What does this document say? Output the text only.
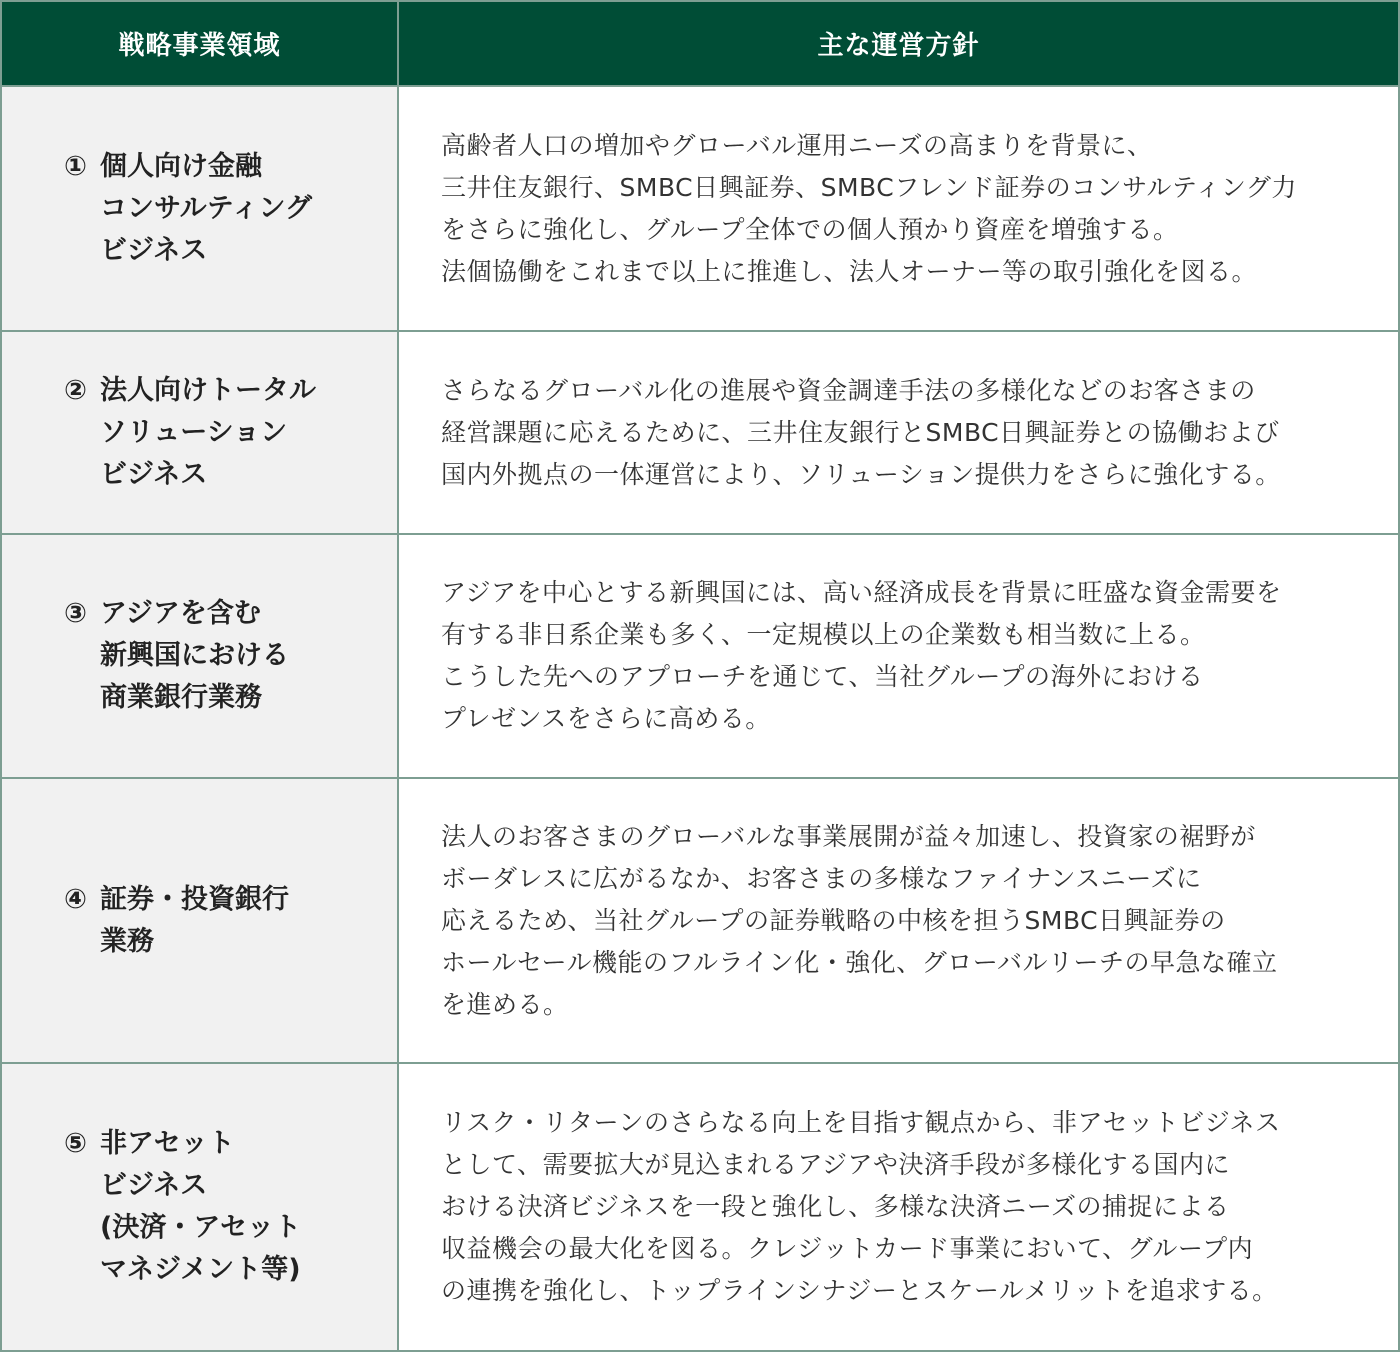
戦略事業領域	主な運営方針
① 個人向け金融
コンサルティング
ビジネス
高齢者人口の増加やグローバル運用ニーズの高まりを背景に、
三井住友銀行、SMBC日興証券、SMBCフレンド証券のコンサルティング力
をさらに強化し、グループ全体での個人預かり資産を増強する。
法個協働をこれまで以上に推進し、法人オーナー等の取引強化を図る。
② 法人向けトータル
ソリューション
ビジネス
さらなるグローバル化の進展や資金調達手法の多様化などのお客さまの
経営課題に応えるために、三井住友銀行とSMBC日興証券との協働および
国内外拠点の一体運営により、ソリューション提供力をさらに強化する。
③ アジアを含む
新興国における
商業銀行業務
アジアを中心とする新興国には、高い経済成長を背景に旺盛な資金需要を
有する非日系企業も多く、一定規模以上の企業数も相当数に上る。
こうした先へのアプローチを通じて、当社グループの海外における
プレゼンスをさらに高める。
④ 証券・投資銀行
業務
法人のお客さまのグローバルな事業展開が益々加速し、投資家の裾野が
ボーダレスに広がるなか、お客さまの多様なファイナンスニーズに
応えるため、当社グループの証券戦略の中核を担うSMBC日興証券の
ホールセール機能のフルライン化・強化、グローバルリーチの早急な確立
を進める。
⑤ 非アセット
ビジネス
(決済・アセット
マネジメント等)
リスク・リターンのさらなる向上を目指す観点から、非アセットビジネス
として、需要拡大が見込まれるアジアや決済手段が多様化する国内に
おける決済ビジネスを一段と強化し、多様な決済ニーズの捕捉による
収益機会の最大化を図る。クレジットカード事業において、グループ内
の連携を強化し、トップラインシナジーとスケールメリットを追求する。
